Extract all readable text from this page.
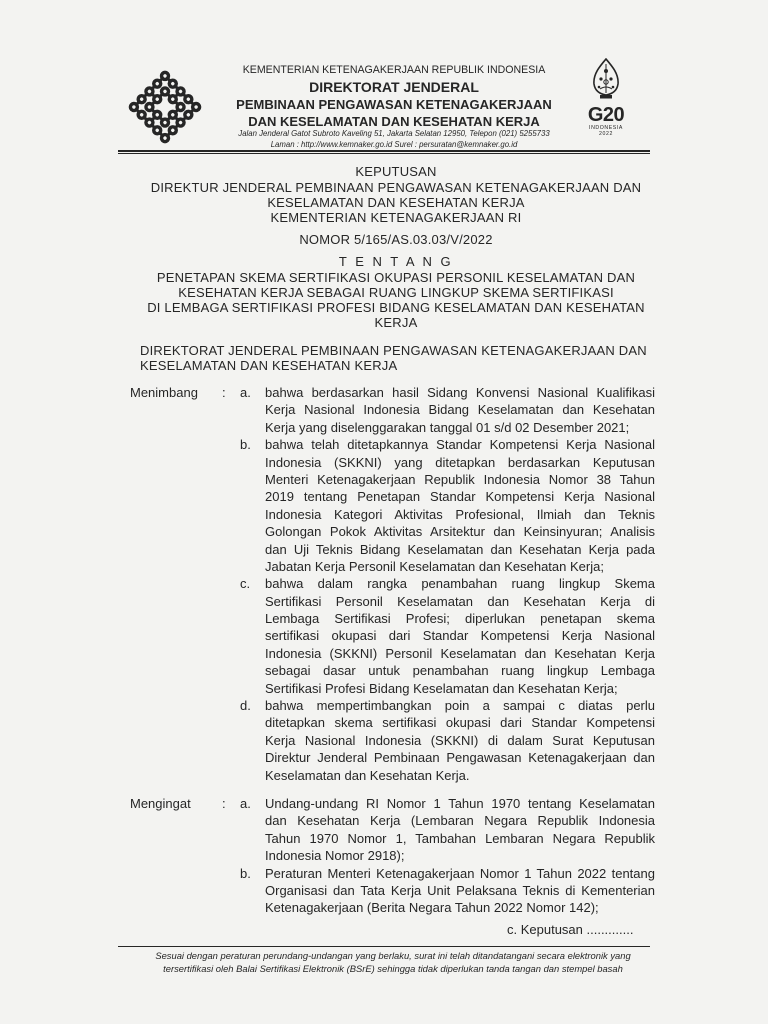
KEMENTERIAN KETENAGAKERJAAN REPUBLIK INDONESIA
DIREKTORAT JENDERAL
PEMBINAAN PENGAWASAN KETENAGAKERJAAN
DAN KESELAMATAN DAN KESEHATAN KERJA
Jalan Jenderal Gatot Subroto Kaveling 51, Jakarta Selatan 12950, Telepon (021) 5255733
Laman : http://www.kemnaker.go.id Surel : persuratan@kemnaker.go.id
G20
INDONESIA
2022
KEPUTUSAN
DIREKTUR JENDERAL PEMBINAAN PENGAWASAN KETENAGAKERJAAN DAN
KESELAMATAN DAN KESEHATAN KERJA
KEMENTERIAN KETENAGAKERJAAN RI
NOMOR 5/165/AS.03.03/V/2022
T E N T A N G
PENETAPAN SKEMA SERTIFIKASI OKUPASI PERSONIL KESELAMATAN DAN
KESEHATAN KERJA SEBAGAI RUANG LINGKUP SKEMA SERTIFIKASI
DI LEMBAGA SERTIFIKASI PROFESI BIDANG KESELAMATAN DAN KESEHATAN
KERJA
DIREKTORAT JENDERAL PEMBINAAN PENGAWASAN KETENAGAKERJAAN DAN
KESELAMATAN DAN KESEHATAN KERJA
Menimbang : a.	bahwa berdasarkan hasil Sidang Konvensi Nasional Kualifikasi
Kerja Nasional Indonesia Bidang Keselamatan dan Kesehatan
Kerja yang diselenggarakan tanggal 01 s/d 02 Desember 2021;
b.	bahwa telah ditetapkannya Standar Kompetensi Kerja Nasional
Indonesia (SKKNI) yang ditetapkan berdasarkan Keputusan
Menteri Ketenagakerjaan Republik Indonesia Nomor 38 Tahun
2019 tentang Penetapan Standar Kompetensi Kerja Nasional
Indonesia Kategori Aktivitas Profesional, Ilmiah dan Teknis
Golongan Pokok Aktivitas Arsitektur dan Keinsinyuran; Analisis
dan Uji Teknis Bidang Keselamatan dan Kesehatan Kerja pada
Jabatan Kerja Personil Keselamatan dan Kesehatan Kerja;
c.	bahwa dalam rangka penambahan ruang lingkup Skema
Sertifikasi Personil Keselamatan dan Kesehatan Kerja di
Lembaga Sertifikasi Profesi; diperlukan penetapan skema
sertifikasi okupasi dari Standar Kompetensi Kerja Nasional
Indonesia (SKKNI) Personil Keselamatan dan Kesehatan Kerja
sebagai dasar untuk penambahan ruang lingkup Lembaga
Sertifikasi Profesi Bidang Keselamatan dan Kesehatan Kerja;
d.	bahwa mempertimbangkan poin a sampai c diatas perlu
ditetapkan skema sertifikasi okupasi dari Standar Kompetensi
Kerja Nasional Indonesia (SKKNI) di dalam Surat Keputusan
Direktur Jenderal Pembinaan Pengawasan Ketenagakerjaan dan
Keselamatan dan Kesehatan Kerja.
Mengingat : a.	Undang-undang RI Nomor 1 Tahun 1970 tentang Keselamatan
dan Kesehatan Kerja (Lembaran Negara Republik Indonesia
Tahun 1970 Nomor 1, Tambahan Lembaran Negara Republik
Indonesia Nomor 2918);
b.	Peraturan Menteri Ketenagakerjaan Nomor 1 Tahun 2022 tentang
Organisasi dan Tata Kerja Unit Pelaksana Teknis di Kementerian
Ketenagakerjaan (Berita Negara Tahun 2022 Nomor 142);
c. Keputusan .............
Sesuai dengan peraturan perundang-undangan yang berlaku, surat ini telah ditandatangani secara elektronik yang
tersertifikasi oleh Balai Sertifikasi Elektronik (BSrE) sehingga tidak diperlukan tanda tangan dan stempel basah
